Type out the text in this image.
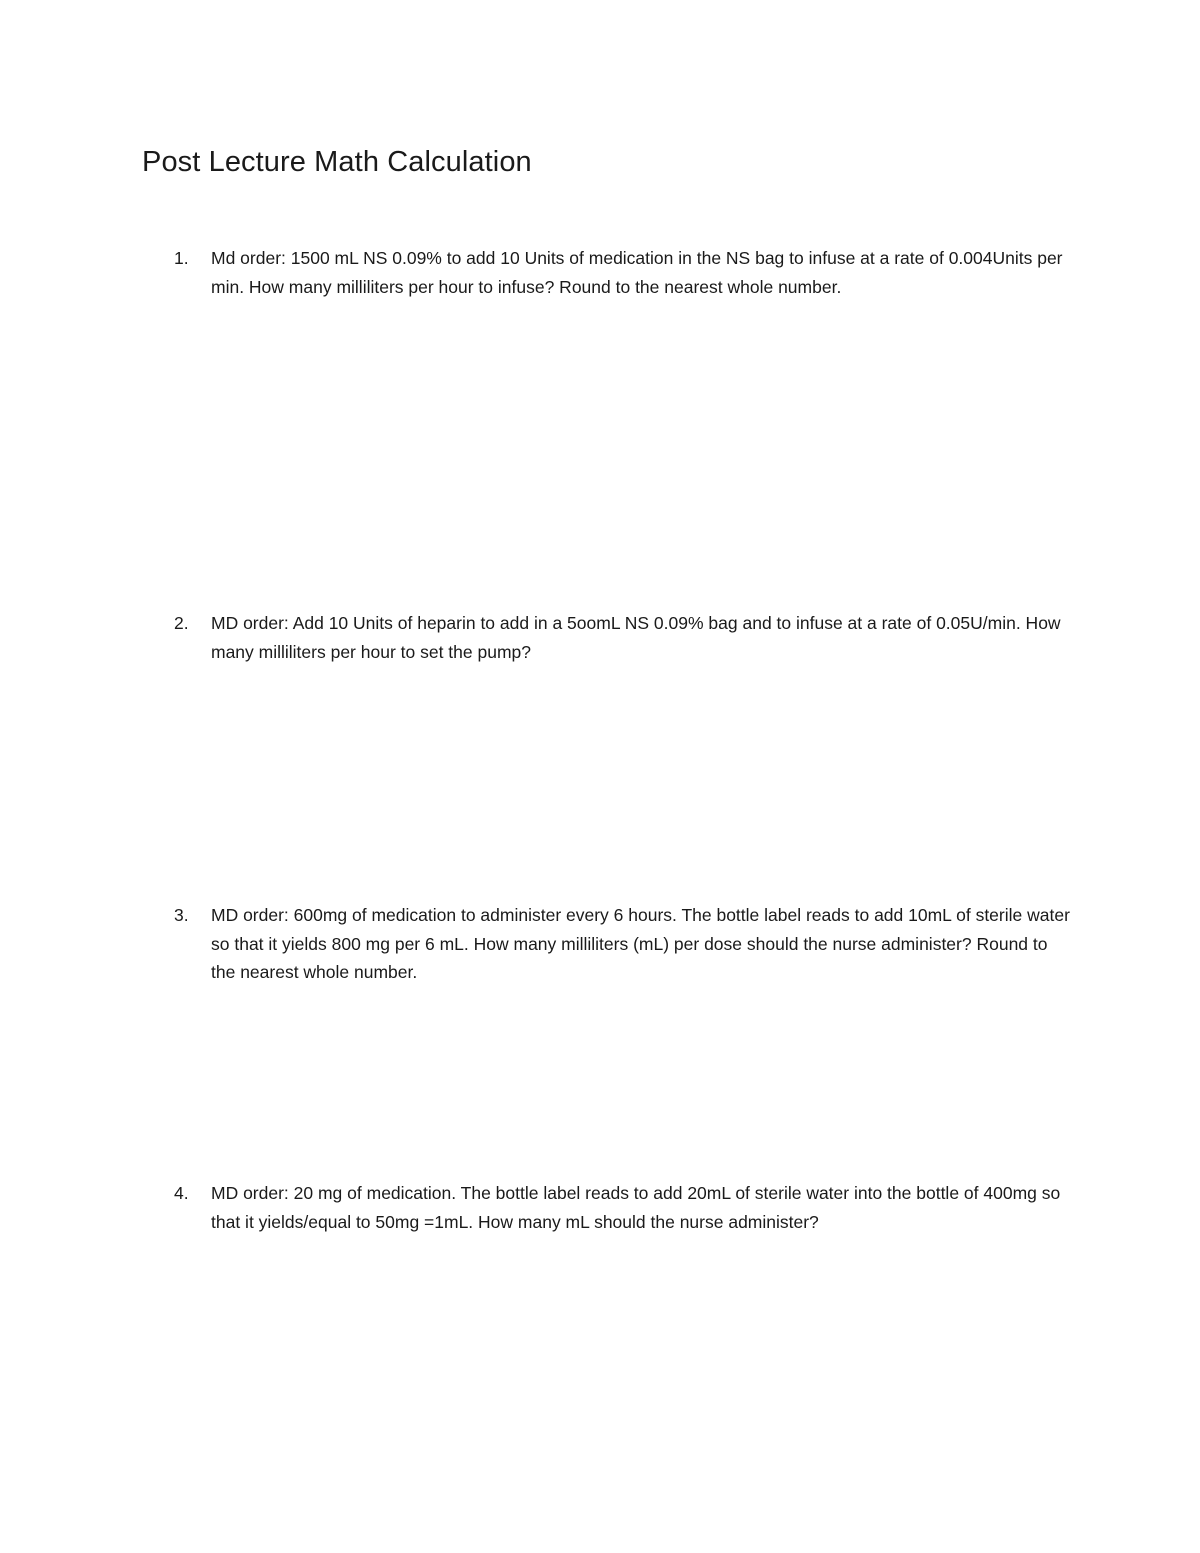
Post Lecture Math Calculation
1.	Md order: 1500 mL NS 0.09% to add 10 Units of medication in the NS bag to infuse at a rate of 0.004Units per min. How many milliliters per hour to infuse? Round to the nearest whole number.
2.	MD order: Add 10 Units of heparin to add in a 5oomL NS 0.09% bag and to infuse at a rate of 0.05U/min. How many milliliters per hour to set the pump?
3.	MD order: 600mg of medication to administer every 6 hours. The bottle label reads to add 10mL of sterile water so that it yields 800 mg per 6 mL. How many milliliters (mL) per dose should the nurse administer? Round to the nearest whole number.
4.	MD order: 20 mg of medication. The bottle label reads to add 20mL of sterile water into the bottle of 400mg so that it yields/equal to 50mg =1mL. How many mL should the nurse administer?
